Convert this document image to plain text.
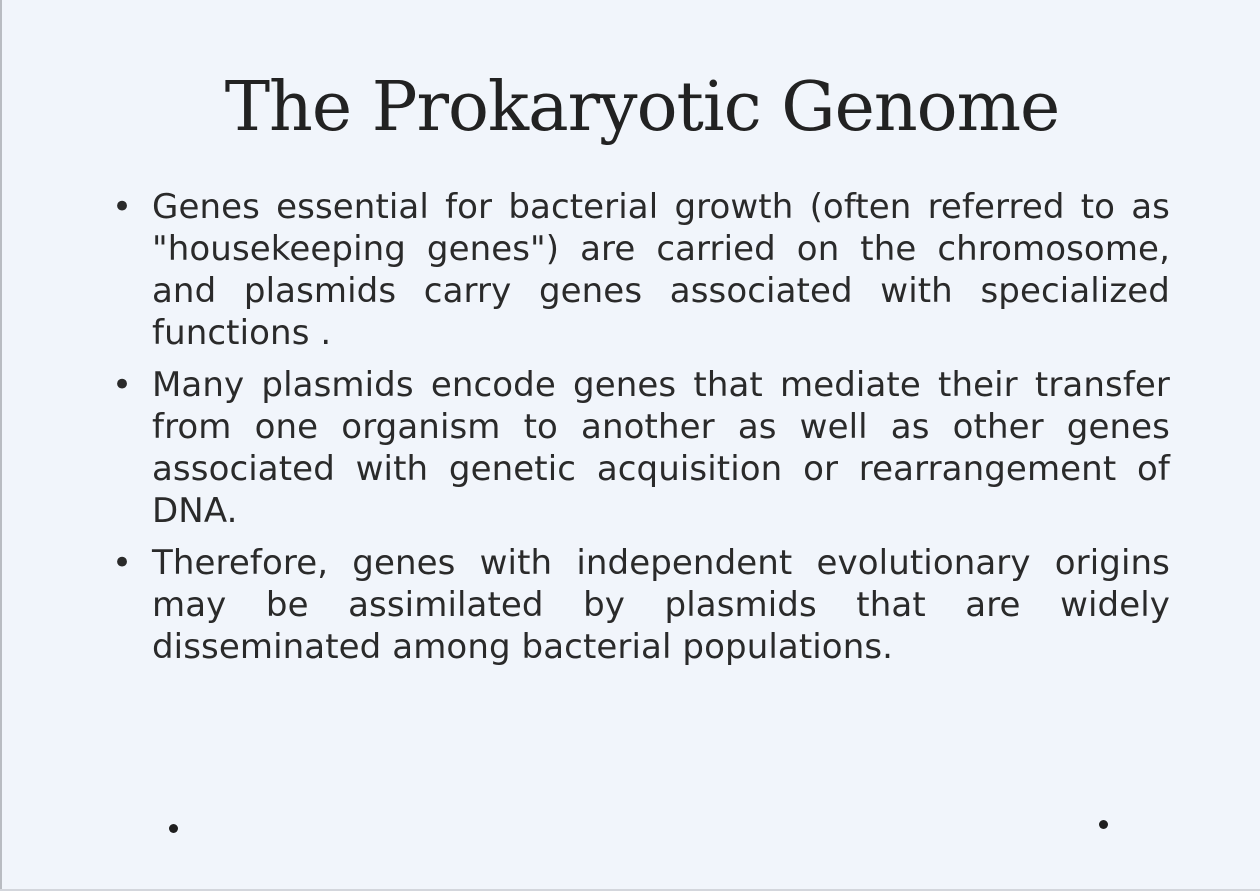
The Prokaryotic Genome
• Genes essential for bacterial growth (often referred to as "housekeeping genes") are carried on the chromosome, and plasmids carry genes associated with specialized functions .
• Many plasmids encode genes that mediate their transfer from one organism to another as well as other genes associated with genetic acquisition or rearrangement of DNA.
• Therefore, genes with independent evolutionary origins may be assimilated by plasmids that are widely disseminated among bacterial populations.
